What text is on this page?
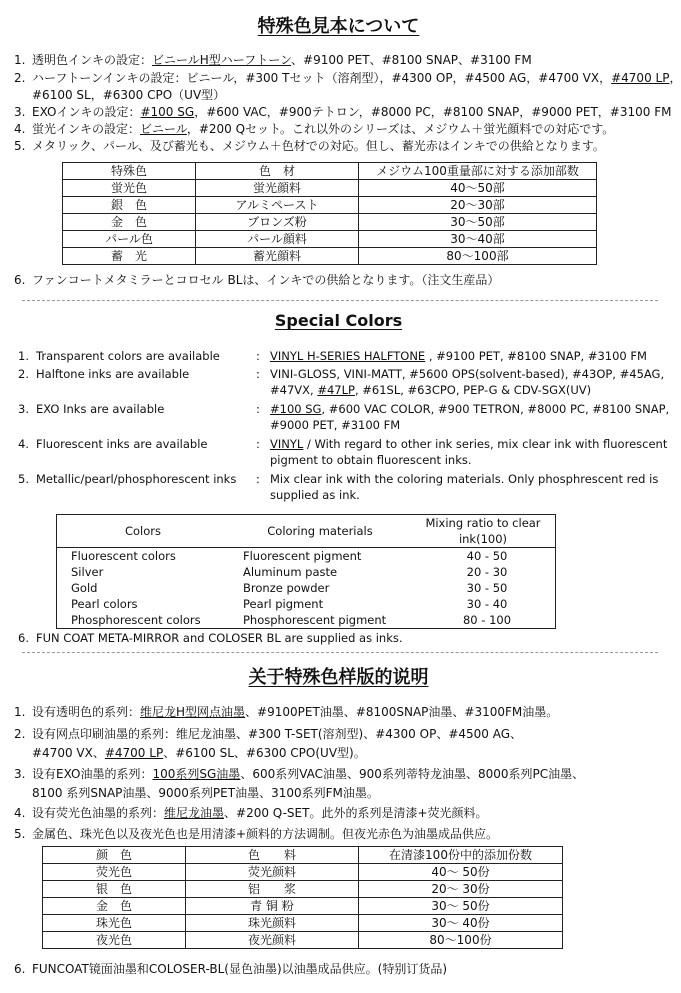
特殊色見本について
1. 透明色インキの設定：ビニールH型ハーフトーン、#9100 PET、#8100 SNAP、#3100 FM
2. ハーフトーンインキの設定：ビニール，#300 Tセット（溶剤型），#4300 OP，#4500 AG，#4700 VX，#4700 LP，
#6100 SL，#6300 CPO（UV型）
3. EXOインキの設定：#100 SG，#600 VAC，#900テトロン，#8000 PC，#8100 SNAP，#9000 PET，#3100 FM
4. 蛍光インキの設定：ビニール，#200 Qセット。これ以外のシリーズは、メジウム＋蛍光顔料での対応です。
5. メタリック、パール、及び蓄光も、メジウム＋色材での対応。但し、蓄光赤はインキでの供給となります。
特殊色	色　材	メジウム100重量部に対する添加部数
蛍光色	蛍光顔料	40〜50部
銀　色	アルミペースト	20〜30部
金　色	ブロンズ粉	30〜50部
パール色	パール顔料	30〜40部
蓄　光	蓄光顔料	80〜100部
6. ファンコートメタミラーとコロセル BLは、インキでの供給となります。（注文生産品）
Special Colors
1. Transparent colors are available	: VINYL H-SERIES HALFTONE , #9100 PET, #8100 SNAP, #3100 FM
2. Halftone inks are available	: VINI-GLOSS, VINI-MATT, #5600 OPS(solvent-based), #43OP, #45AG,
#47VX, #47LP, #61SL, #63CPO, PEP-G & CDV-SGX(UV)
3. EXO Inks are available	: #100 SG, #600 VAC COLOR, #900 TETRON, #8000 PC, #8100 SNAP,
#9000 PET, #3100 FM
4. Fluorescent inks are available	: VINYL / With regard to other ink series, mix clear ink with fluorescent
pigment to obtain fluorescent inks.
5. Metallic/pearl/phosphorescent inks : Mix clear ink with the coloring materials. Only phosphrescent red is
supplied as ink.
Colors	Coloring materials	Mixing ratio to clear ink(100)
Fluorescent colors	Fluorescent pigment	40 - 50
Silver	Aluminum paste	20 - 30
Gold	Bronze powder	30 - 50
Pearl colors	Pearl pigment	30 - 40
Phosphorescent colors	Phosphorescent pigment	80 - 100
6. FUN COAT META-MIRROR and COLOSER BL are supplied as inks.
关于特殊色样版的说明
1. 设有透明色的系列：维尼龙H型网点油墨、#9100PET油墨、#8100SNAP油墨、#3100FM油墨。
2. 设有网点印刷油墨的系列：维尼龙油墨、#300 T-SET(溶剂型)、#4300 OP、#4500 AG、
#4700 VX、#4700 LP、#6100 SL、#6300 CPO(UV型)。
3. 设有EXO油墨的系列：100系列SG油墨、600系列VAC油墨、900系列蒂特龙油墨、8000系列PC油墨、
8100 系列SNAP油墨、9000系列PET油墨、3100系列FM油墨。
4. 设有荧光色油墨的系列：维尼龙油墨、#200 Q-SET。此外的系列是清漆+荧光颜料。
5. 金属色、珠光色以及夜光色也是用清漆+颜料的方法调制。但夜光赤色为油墨成品供应。
颜　色	色　　料	在清漆100份中的添加份数
荧光色	荧光颜料	40〜 50份
银　色	铝　　浆	20〜 30份
金　色	青 铜 粉	30〜 50份
珠光色	珠光颜料	30〜 40份
夜光色	夜光颜料	80〜100份
6. FUNCOAT镜面油墨和COLOSER-BL(显色油墨)以油墨成品供应。(特别订货品)
